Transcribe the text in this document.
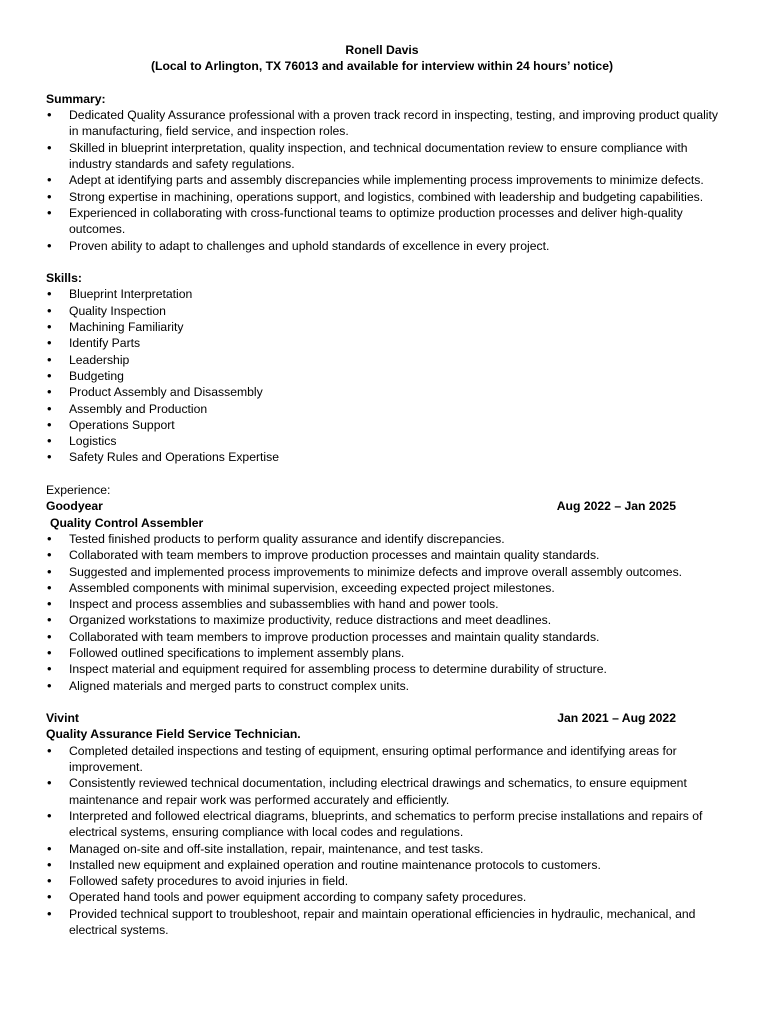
Ronell Davis
(Local to Arlington, TX 76013 and available for interview within 24 hours’ notice)
Summary:
• Dedicated Quality Assurance professional with a proven track record in inspecting, testing, and improving product quality in manufacturing, field service, and inspection roles.
• Skilled in blueprint interpretation, quality inspection, and technical documentation review to ensure compliance with industry standards and safety regulations.
• Adept at identifying parts and assembly discrepancies while implementing process improvements to minimize defects.
• Strong expertise in machining, operations support, and logistics, combined with leadership and budgeting capabilities.
• Experienced in collaborating with cross-functional teams to optimize production processes and deliver high-quality outcomes.
• Proven ability to adapt to challenges and uphold standards of excellence in every project.
Skills:
• Blueprint Interpretation
• Quality Inspection
• Machining Familiarity
• Identify Parts
• Leadership
• Budgeting
• Product Assembly and Disassembly
• Assembly and Production
• Operations Support
• Logistics
• Safety Rules and Operations Expertise
Experience:
Goodyear	Aug 2022 – Jan 2025
Quality Control Assembler
• Tested finished products to perform quality assurance and identify discrepancies.
• Collaborated with team members to improve production processes and maintain quality standards.
• Suggested and implemented process improvements to minimize defects and improve overall assembly outcomes.
• Assembled components with minimal supervision, exceeding expected project milestones.
• Inspect and process assemblies and subassemblies with hand and power tools.
• Organized workstations to maximize productivity, reduce distractions and meet deadlines.
• Collaborated with team members to improve production processes and maintain quality standards.
• Followed outlined specifications to implement assembly plans.
• Inspect material and equipment required for assembling process to determine durability of structure.
• Aligned materials and merged parts to construct complex units.
Vivint	Jan 2021 – Aug 2022
Quality Assurance Field Service Technician.
• Completed detailed inspections and testing of equipment, ensuring optimal performance and identifying areas for improvement.
• Consistently reviewed technical documentation, including electrical drawings and schematics, to ensure equipment maintenance and repair work was performed accurately and efficiently.
• Interpreted and followed electrical diagrams, blueprints, and schematics to perform precise installations and repairs of electrical systems, ensuring compliance with local codes and regulations.
• Managed on-site and off-site installation, repair, maintenance, and test tasks.
• Installed new equipment and explained operation and routine maintenance protocols to customers.
• Followed safety procedures to avoid injuries in field.
• Operated hand tools and power equipment according to company safety procedures.
• Provided technical support to troubleshoot, repair and maintain operational efficiencies in hydraulic, mechanical, and electrical systems.
